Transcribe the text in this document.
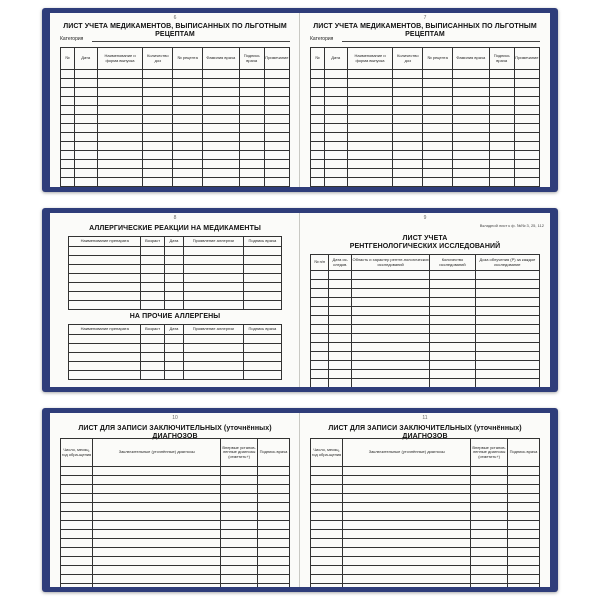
6
ЛИСТ УЧЕТА МЕДИКАМЕНТОВ, ВЫПИСАННЫХ ПО ЛЬГОТНЫМ РЕЦЕПТАМ
Категория
№	Дата	Наименование и форма выпуска	Количество доз	№ рецепта	Фамилия врача	Подпись врача	Примечание

7
ЛИСТ УЧЕТА МЕДИКАМЕНТОВ, ВЫПИСАННЫХ ПО ЛЬГОТНЫМ РЕЦЕПТАМ
Категория
№	Дата	Наименование и форма выпуска	Количество доз	№ рецепта	Фамилия врача	Подпись врача	Примечание

8
АЛЛЕРГИЧЕСКИЕ РЕАКЦИИ НА МЕДИКАМЕНТЫ
Наименование препарата	Возраст	Дата	Проявление аллергии	Подпись врача

НА ПРОЧИЕ АЛЛЕРГЕНЫ
Наименование препарата	Возраст	Дата	Проявление аллергии	Подпись врача

9
Вкладной лист к ф. №№ 3, 25, 112
ЛИСТ УЧЕТА
РЕНТГЕНОЛОГИЧЕСКИХ ИССЛЕДОВАНИЙ
№ п/п	Дата ис-следов.	Область и характер рентге-нологических исследований	Количество исследований	Доза облучения (Р) за каждое исследование

10
ЛИСТ ДЛЯ ЗАПИСИ ЗАКЛЮЧИТЕЛЬНЫХ (уточнённых) ДИАГНОЗОВ
Число, месяц, год обра-щения	Заключительные (уточнённые) диагнозы	Впервые установ-ленные диагнозы (отметить+)	Подпись врача

11
ЛИСТ ДЛЯ ЗАПИСИ ЗАКЛЮЧИТЕЛЬНЫХ (уточнённых) ДИАГНОЗОВ
Число, месяц, год обра-щения	Заключительные (уточнённые) диагнозы	Впервые установ-ленные диагнозы (отметить+)	Подпись врача
